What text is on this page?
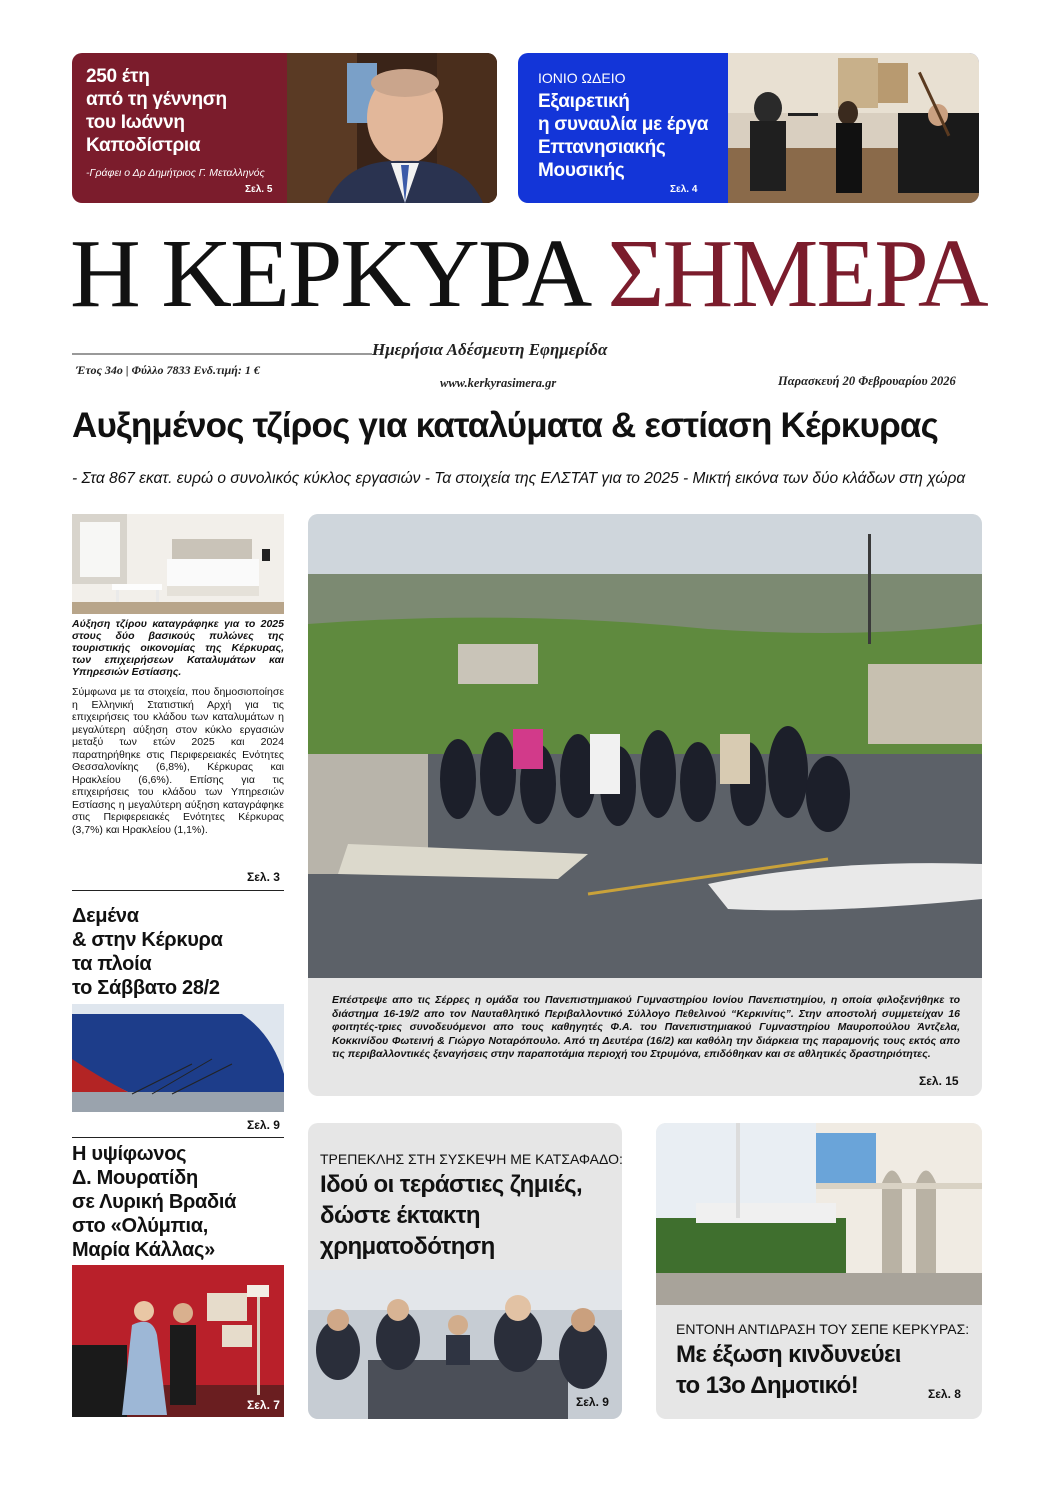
250 έτη
από τη γέννηση
του Ιωάννη
Καποδίστρια
-Γράφει ο Δρ Δημήτριος Γ. Μεταλληνός
Σελ. 5
ΙΟΝΙΟ ΩΔΕΙΟ
Εξαιρετική
η συναυλία με έργα
Επτανησιακής
Μουσικής
Σελ. 4
Η ΚΕΡΚΥΡΑ ΣΗΜΕΡΑ
Ημερήσια Αδέσμευτη Εφημερίδα
Έτος 34ο | Φύλλο 7833 Ενδ.τιμή: 1 €
www.kerkyrasimera.gr	Παρασκευή 20 Φεβρουαρίου 2026
Αυξημένος τζίρος για καταλύματα & εστίαση Κέρκυρας
- Στα 867 εκατ. ευρώ ο συνολικός κύκλος εργασιών - Τα στοιχεία της ΕΛΣΤΑΤ για το 2025 - Μικτή εικόνα των δύο κλάδων στη χώρα
Αύξηση τζίρου καταγράφηκε για το 2025 στους δύο βασικούς πυλώνες της τουριστικής οικονομίας της Κέρκυρας, των επιχειρήσεων Καταλυμάτων και Υπηρεσιών Εστίασης.
Σύμφωνα με τα στοιχεία, που δημοσιοποίησε η Ελληνική Στατιστική Αρχή για τις επιχειρήσεις του κλάδου των καταλυμάτων η μεγαλύτερη αύξηση στον κύκλο εργασιών μεταξύ των ετών 2025 και 2024 παρατηρήθηκε στις Περιφερειακές Ενότητες Θεσσαλονίκης (6,8%), Κέρκυρας και Ηρακλείου (6,6%). Επίσης για τις επιχειρήσεις του κλάδου των Υπηρεσιών Εστίασης η μεγαλύτερη αύξηση καταγράφηκε στις Περιφερειακές Ενότητες Κέρκυρας (3,7%) και Ηρακλείου (1,1%).
Σελ. 3
Δεμένα
& στην Κέρκυρα
τα πλοία
το Σάββατο 28/2
Σελ. 9
Η υψίφωνος
Δ. Μουρατίδη
σε Λυρική Βραδιά
στο «Ολύμπια,
Μαρία Κάλλας»
Σελ. 7
Επέστρεψε απο τις Σέρρες η ομάδα του Πανεπιστημιακού Γυμναστηρίου Ιονίου Πανεπιστημίου, η οποία φιλοξενήθηκε το διάστημα 16-19/2 απο τον Ναυταθλητικό Περιβαλλοντικό Σύλλογο Πεθελινού “Κερκινίτις”. Στην αποστολή συμμετείχαν 16 φοιτητές-τριες συνοδευόμενοι απο τους καθηγητές Φ.Α. του Πανεπιστημιακού Γυμναστηρίου Μαυροπούλου Άντζελα, Κοκκινίδου Φωτεινή & Γιώργο Νοταρόπουλο. Από τη Δευτέρα (16/2) και καθόλη την διάρκεια της παραμονής τους εκτός απο τις περιβαλλοντικές ξεναγήσεις στην παραποτάμια περιοχή του Στρυμόνα, επιδόθηκαν και σε αθλητικές δραστηριότητες.
Σελ. 15
ΤΡΕΠΕΚΛΗΣ ΣΤΗ ΣΥΣΚΕΨΗ ΜΕ ΚΑΤΣΑΦΑΔΟ:
Ιδού οι τεράστιες ζημιές,
δώστε έκτακτη
χρηματοδότηση
Σελ. 9
ΕΝΤΟΝΗ ΑΝΤΙΔΡΑΣΗ ΤΟΥ ΣΕΠΕ ΚΕΡΚΥΡΑΣ:
Με έξωση κινδυνεύει
το 13ο Δημοτικό!	Σελ. 8
